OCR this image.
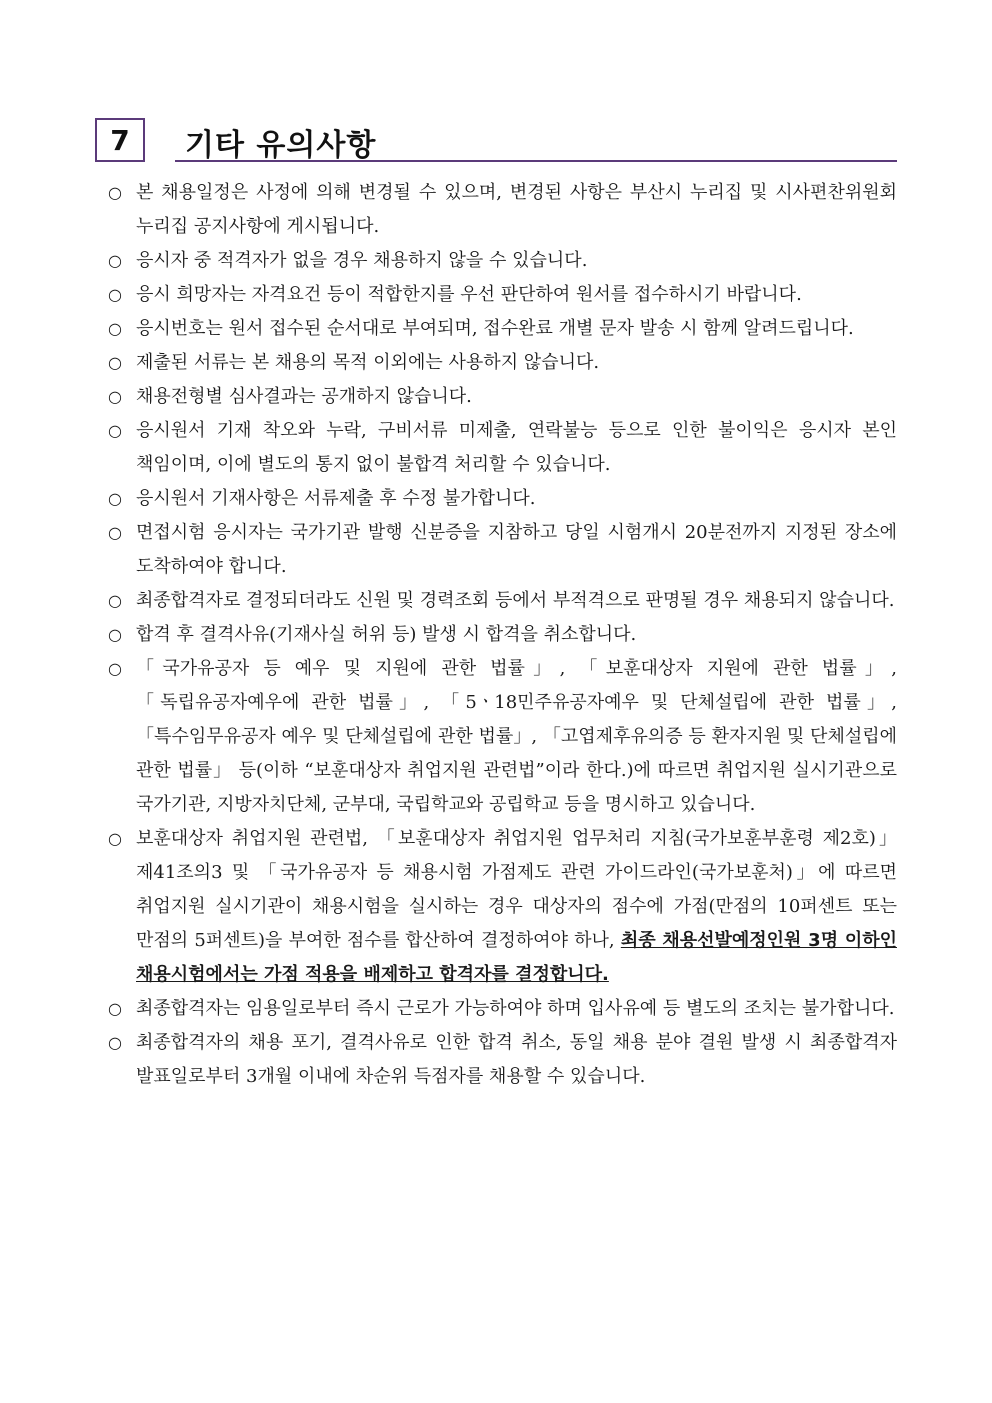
7	기타 유의사항
○ 본 채용일정은 사정에 의해 변경될 수 있으며, 변경된 사항은 부산시 누리집 및 시사편찬위원회 누리집 공지사항에 게시됩니다.
○ 응시자 중 적격자가 없을 경우 채용하지 않을 수 있습니다.
○ 응시 희망자는 자격요건 등이 적합한지를 우선 판단하여 원서를 접수하시기 바랍니다.
○ 응시번호는 원서 접수된 순서대로 부여되며, 접수완료 개별 문자 발송 시 함께 알려드립니다.
○ 제출된 서류는 본 채용의 목적 이외에는 사용하지 않습니다.
○ 채용전형별 심사결과는 공개하지 않습니다.
○ 응시원서 기재 착오와 누락, 구비서류 미제출, 연락불능 등으로 인한 불이익은 응시자 본인 책임이며, 이에 별도의 통지 없이 불합격 처리할 수 있습니다.
○ 응시원서 기재사항은 서류제출 후 수정 불가합니다.
○ 면접시험 응시자는 국가기관 발행 신분증을 지참하고 당일 시험개시 20분전까지 지정된 장소에 도착하여야 합니다.
○ 최종합격자로 결정되더라도 신원 및 경력조회 등에서 부적격으로 판명될 경우 채용되지 않습니다.
○ 합격 후 결격사유(기재사실 허위 등) 발생 시 합격을 취소합니다.
○ 「국가유공자 등 예우 및 지원에 관한 법률」, 「보훈대상자 지원에 관한 법률」, 「독립유공자예우에 관한 법률」, 「5ㆍ18민주유공자예우 및 단체설립에 관한 법률」, 「특수임무유공자 예우 및 단체설립에 관한 법률」, 「고엽제후유의증 등 환자지원 및 단체설립에 관한 법률」 등(이하 “보훈대상자 취업지원 관련법”이라 한다.)에 따르면 취업지원 실시기관으로 국가기관, 지방자치단체, 군부대, 국립학교와 공립학교 등을 명시하고 있습니다.
○ 보훈대상자 취업지원 관련법, 「보훈대상자 취업지원 업무처리 지침(국가보훈부훈령 제2호)」 제41조의3 및 「국가유공자 등 채용시험 가점제도 관련 가이드라인(국가보훈처)」에 따르면 취업지원 실시기관이 채용시험을 실시하는 경우 대상자의 점수에 가점(만점의 10퍼센트 또는 만점의 5퍼센트)을 부여한 점수를 합산하여 결정하여야 하나, 최종 채용선발예정인원 3명 이하인 채용시험에서는 가점 적용을 배제하고 합격자를 결정합니다.
○ 최종합격자는 임용일로부터 즉시 근로가 가능하여야 하며 입사유예 등 별도의 조치는 불가합니다.
○ 최종합격자의 채용 포기, 결격사유로 인한 합격 취소, 동일 채용 분야 결원 발생 시 최종합격자 발표일로부터 3개월 이내에 차순위 득점자를 채용할 수 있습니다.
